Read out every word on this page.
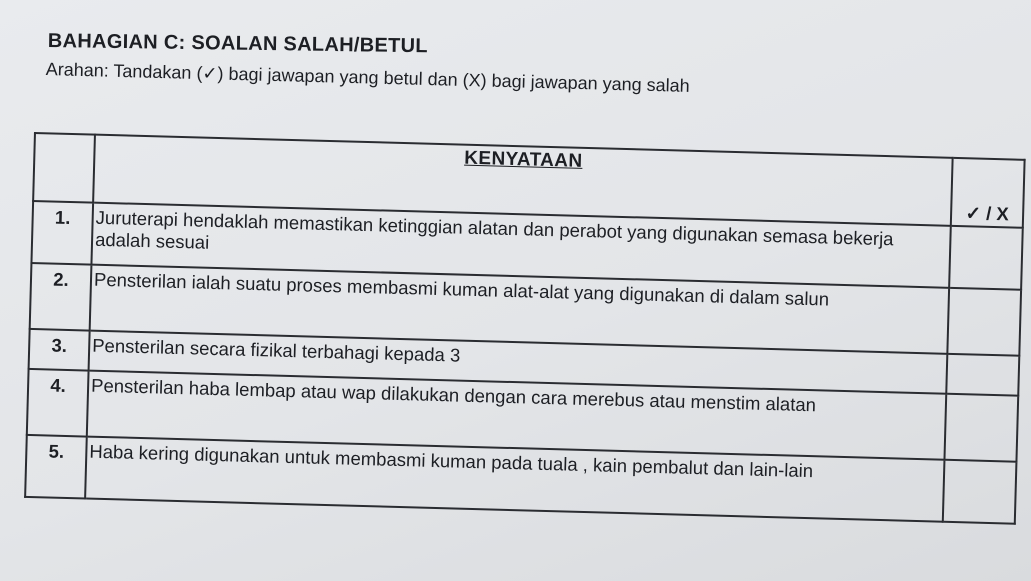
BAHAGIAN C: SOALAN SALAH/BETUL
Arahan: Tandakan (✓) bagi jawapan yang betul dan (X) bagi jawapan yang salah
	KENYATAAN	✓ / X
1.	Juruterapi hendaklah memastikan ketinggian alatan dan perabot yang digunakan semasa bekerja adalah sesuai	
2.	Pensterilan ialah suatu proses membasmi kuman alat-alat yang digunakan di dalam salun	
3.	Pensterilan secara fizikal terbahagi kepada 3	
4.	Pensterilan haba lembap atau wap dilakukan dengan cara merebus atau menstim alatan	
5.	Haba kering digunakan untuk membasmi kuman pada tuala , kain pembalut dan lain-lain	
